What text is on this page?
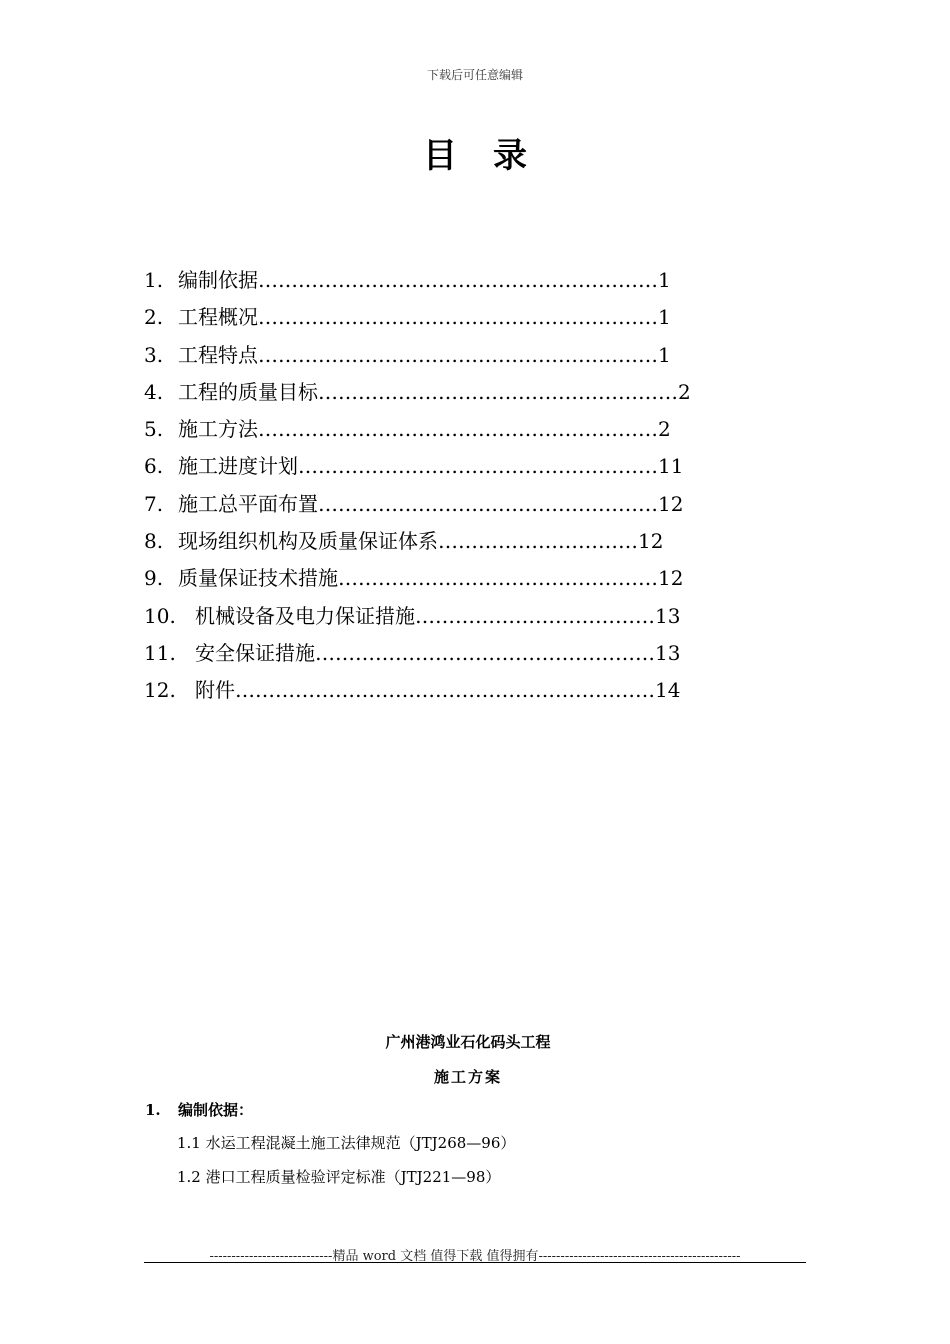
下载后可任意编辑
目录
1. 编制依据……………………………………………………1
2. 工程概况……………………………………………………1
3. 工程特点……………………………………………………1
4. 工程的质量目标………………………………………………2
5. 施工方法……………………………………………………2
6. 施工进度计划………………………………………………11
7. 施工总平面布置……………………………………………12
8. 现场组织机构及质量保证体系…………………………12
9. 质量保证技术措施…………………………………………12
10. 机械设备及电力保证措施………………………………13
11. 安全保证措施……………………………………………13
12. 附件………………………………………………………14
广州港鸿业石化码头工程
施工方案
1. 编制依据：
1.1 水运工程混凝土施工法律规范（JTJ268—96）
1.2 港口工程质量检验评定标准（JTJ221—98）
----------------------------精品 word 文档 值得下载 值得拥有----------------------------------------------
